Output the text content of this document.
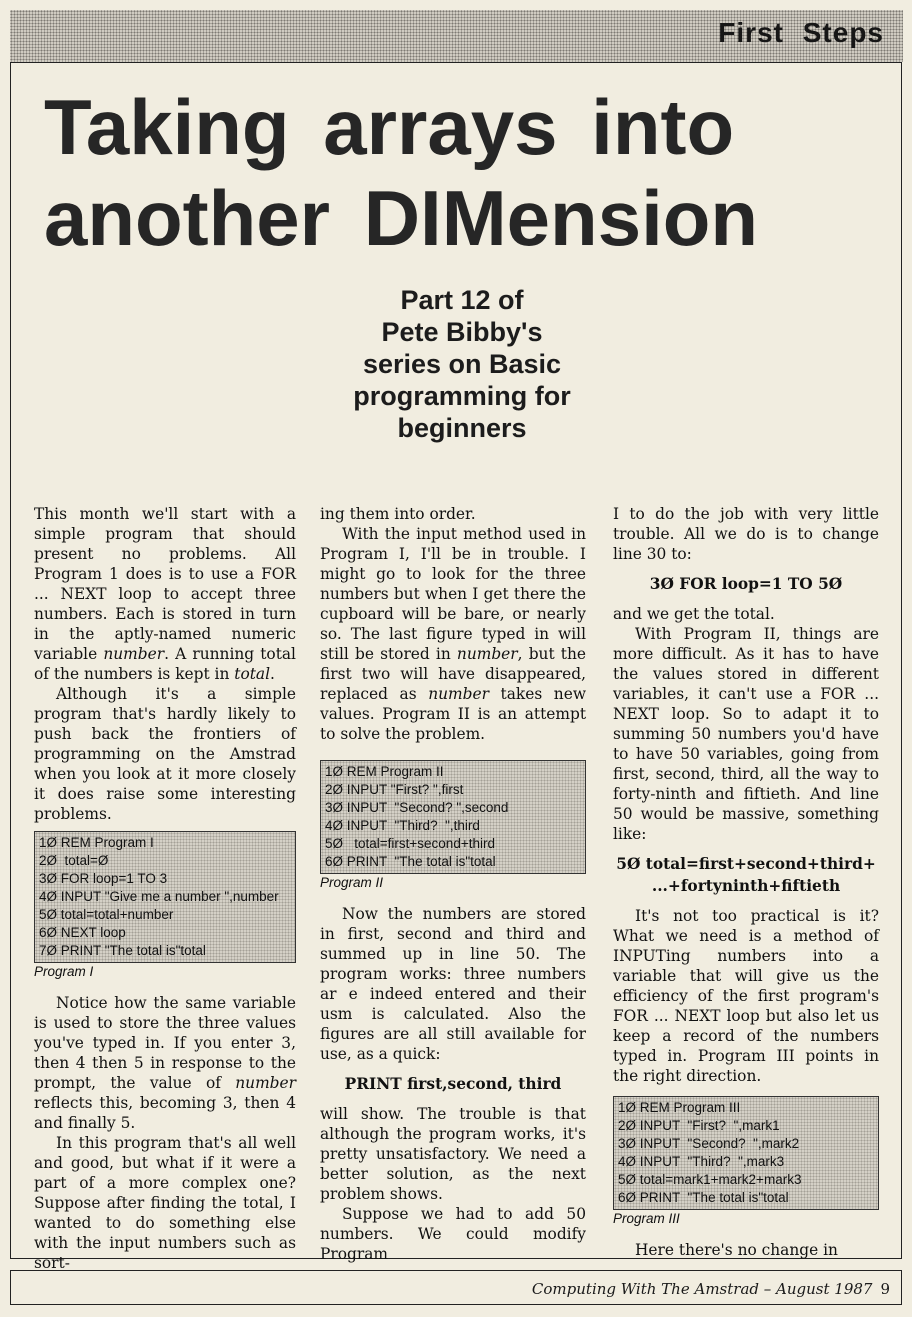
First Steps
Taking arrays into
another DIMension
Part 12 of
Pete Bibby's
series on Basic
programming for
beginners

This month we'll start with a simple program that should present no problems. All Program 1 does is to use a FOR ... NEXT loop to accept three numbers. Each is stored in turn in the aptly-named numeric variable number. A running total of the numbers is kept in total.

Although it's a simple program that's hardly likely to push back the frontiers of programming on the Amstrad when you look at it more closely it does raise some interesting problems.

1Ø REM Program I
2Ø  total=Ø
3Ø FOR loop=1 TO 3
4Ø INPUT "Give me a number ",number
5Ø total=total+number
6Ø NEXT loop
7Ø PRINT "The total is"total
Program I

Notice how the same variable is used to store the three values you've typed in. If you enter 3, then 4 then 5 in response to the prompt, the value of number reflects this, becoming 3, then 4 and finally 5.

In this program that's all well and good, but what if it were a part of a more complex one? Suppose after finding the total, I wanted to do something else with the input numbers such as sort-

ing them into order.

With the input method used in Program I, I'll be in trouble. I might go to look for the three numbers but when I get there the cupboard will be bare, or nearly so. The last figure typed in will still be stored in number, but the first two will have disappeared, replaced as number takes new values. Program II is an attempt to solve the problem.

1Ø REM Program II
2Ø INPUT "First? ",first
3Ø INPUT  "Second? ",second
4Ø INPUT  "Third?  ",third
5Ø   total=first+second+third
6Ø PRINT  "The total is"total
Program II

Now the numbers are stored in first, second and third and summed up in line 50. The program works: three numbers ar e indeed entered and their usm is calculated. Also the figures are all still available for use, as a quick:

PRINT first,second, third

will show. The trouble is that although the program works, it's pretty unsatisfactory. We need a better solution, as the next problem shows.

Suppose we had to add 50 numbers. We could modify Program

I to do the job with very little trouble. All we do is to change line 30 to:

3Ø FOR loop=1 TO 5Ø

and we get the total.

With Program II, things are more difficult. As it has to have the values stored in different variables, it can't use a FOR ... NEXT loop. So to adapt it to summing 50 numbers you'd have to have 50 variables, going from first, second, third, all the way to forty-ninth and fiftieth. And line 50 would be massive, something like:

5Ø total=first+second+third+

...+fortyninth+fiftieth

It's not too practical is it? What we need is a method of INPUTing numbers into a variable that will give us the efficiency of the first program's FOR ... NEXT loop but also let us keep a record of the numbers typed in. Program III points in the right direction.

1Ø REM Program III
2Ø INPUT  "First?  ",mark1
3Ø INPUT  "Second?  ",mark2
4Ø INPUT  "Third?  ",mark3
5Ø total=mark1+mark2+mark3
6Ø PRINT  "The total is"total
Program III

Here there's no change in

Computing With The Amstrad – August 1987 9
